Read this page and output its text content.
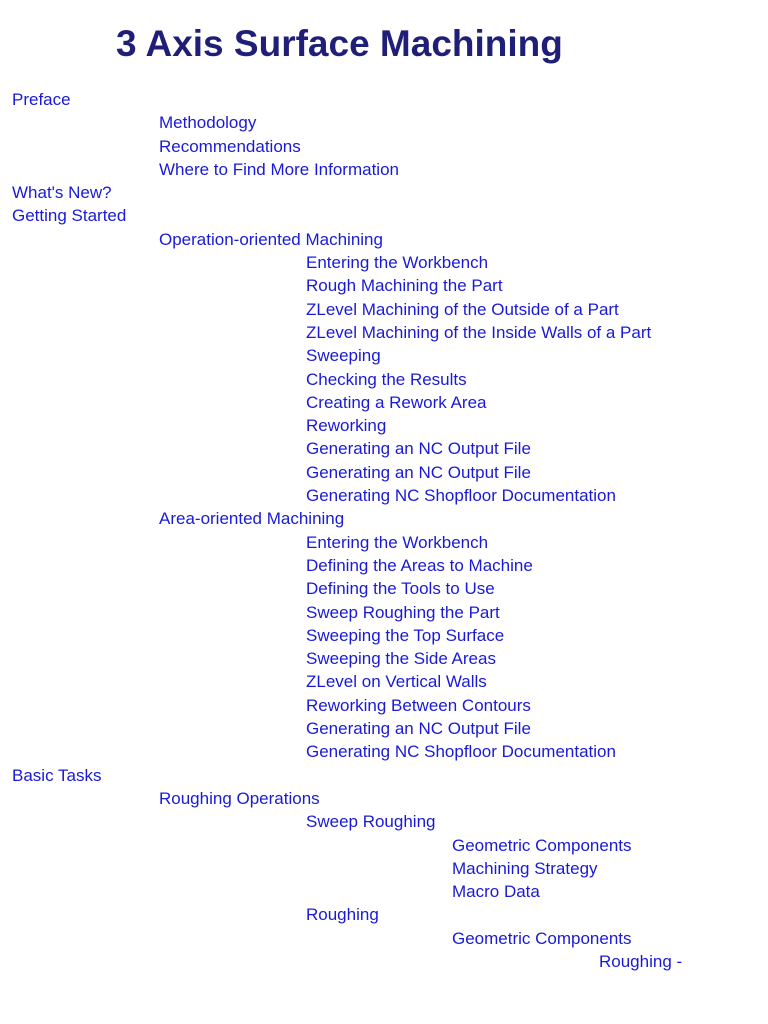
3 Axis Surface Machining
Preface
Methodology
Recommendations
Where to Find More Information
What's New?
Getting Started
Operation-oriented Machining
Entering the Workbench
Rough Machining the Part
ZLevel Machining of the Outside of a Part
ZLevel Machining of the Inside Walls of a Part
Sweeping
Checking the Results
Creating a Rework Area
Reworking
Generating an NC Output File
Generating an NC Output File
Generating NC Shopfloor Documentation
Area-oriented Machining
Entering the Workbench
Defining the Areas to Machine
Defining the Tools to Use
Sweep Roughing the Part
Sweeping the Top Surface
Sweeping the Side Areas
ZLevel on Vertical Walls
Reworking Between Contours
Generating an NC Output File
Generating NC Shopfloor Documentation
Basic Tasks
Roughing Operations
Sweep Roughing
Geometric Components
Machining Strategy
Macro Data
Roughing
Geometric Components
Roughing -
